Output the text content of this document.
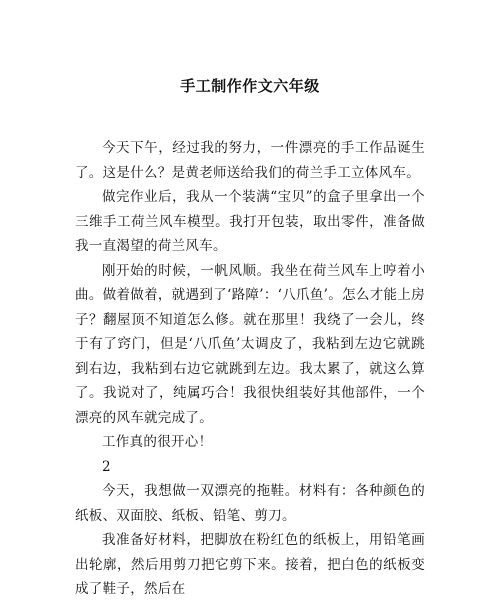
手工制作作文六年级

今天下午，经过我的努力，一件漂亮的手工作品诞生了。这是什么？是黄老师送给我们的荷兰手工立体风车。

做完作业后，我从一个装满“宝贝”的盒子里拿出一个三维手工荷兰风车模型。我打开包装，取出零件，准备做我一直渴望的荷兰风车。

刚开始的时候，一帆风顺。我坐在荷兰风车上哼着小曲。做着做着，就遇到了‘路障’：‘八爪鱼’。怎么才能上房子？翻屋顶不知道怎么修。就在那里！我绕了一会儿，终于有了窍门，但是‘八爪鱼’太调皮了，我粘到左边它就跳到右边，我粘到右边它就跳到左边。我太累了，就这么算了。我说对了，纯属巧合！我很快组装好其他部件，一个漂亮的风车就完成了。

工作真的很开心！

2

今天，我想做一双漂亮的拖鞋。材料有：各种颜色的纸板、双面胶、纸板、铅笔、剪刀。

我准备好材料，把脚放在粉红色的纸板上，用铅笔画出轮廓，然后用剪刀把它剪下来。接着，把白色的纸板变成了鞋子，然后在
